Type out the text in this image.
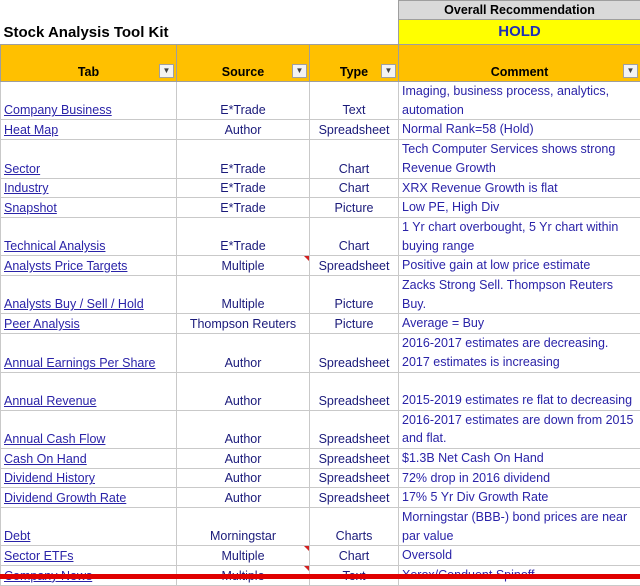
Stock Analysis Tool Kit			Overall Recommendation
			HOLD
Tab ▼	Source ▼	Type ▼	Comment ▼

Company Business	E*Trade	Text	Imaging, business process, analytics, automation
Heat Map	Author	Spreadsheet	Normal Rank=58 (Hold)
Sector	E*Trade	Chart	Tech Computer Services shows strong Revenue Growth
Industry	E*Trade	Chart	XRX Revenue Growth is flat
Snapshot	E*Trade	Picture	Low PE, High Div
Technical Analysis	E*Trade	Chart	1 Yr chart overbought, 5 Yr chart within buying range
Analysts Price Targets	Multiple	Spreadsheet	Positive gain at low price estimate
Analysts Buy / Sell / Hold	Multiple	Picture	Zacks Strong Sell. Thompson Reuters Buy.
Peer Analysis	Thompson Reuters	Picture	Average = Buy
Annual Earnings Per Share	Author	Spreadsheet	2016-2017 estimates are decreasing. 2017 estimates is increasing
Annual Revenue	Author	Spreadsheet	2015-2019 estimates re flat to decreasing
Annual Cash Flow	Author	Spreadsheet	2016-2017 estimates are down from 2015 and flat.
Cash On Hand	Author	Spreadsheet	$1.3B Net Cash On Hand
Dividend History	Author	Spreadsheet	72% drop in 2016 dividend
Dividend Growth Rate	Author	Spreadsheet	17% 5 Yr Div Growth Rate
Debt	Morningstar	Charts	Morningstar (BBB-) bond prices are near par value
Sector ETFs	Multiple	Chart	Oversold
